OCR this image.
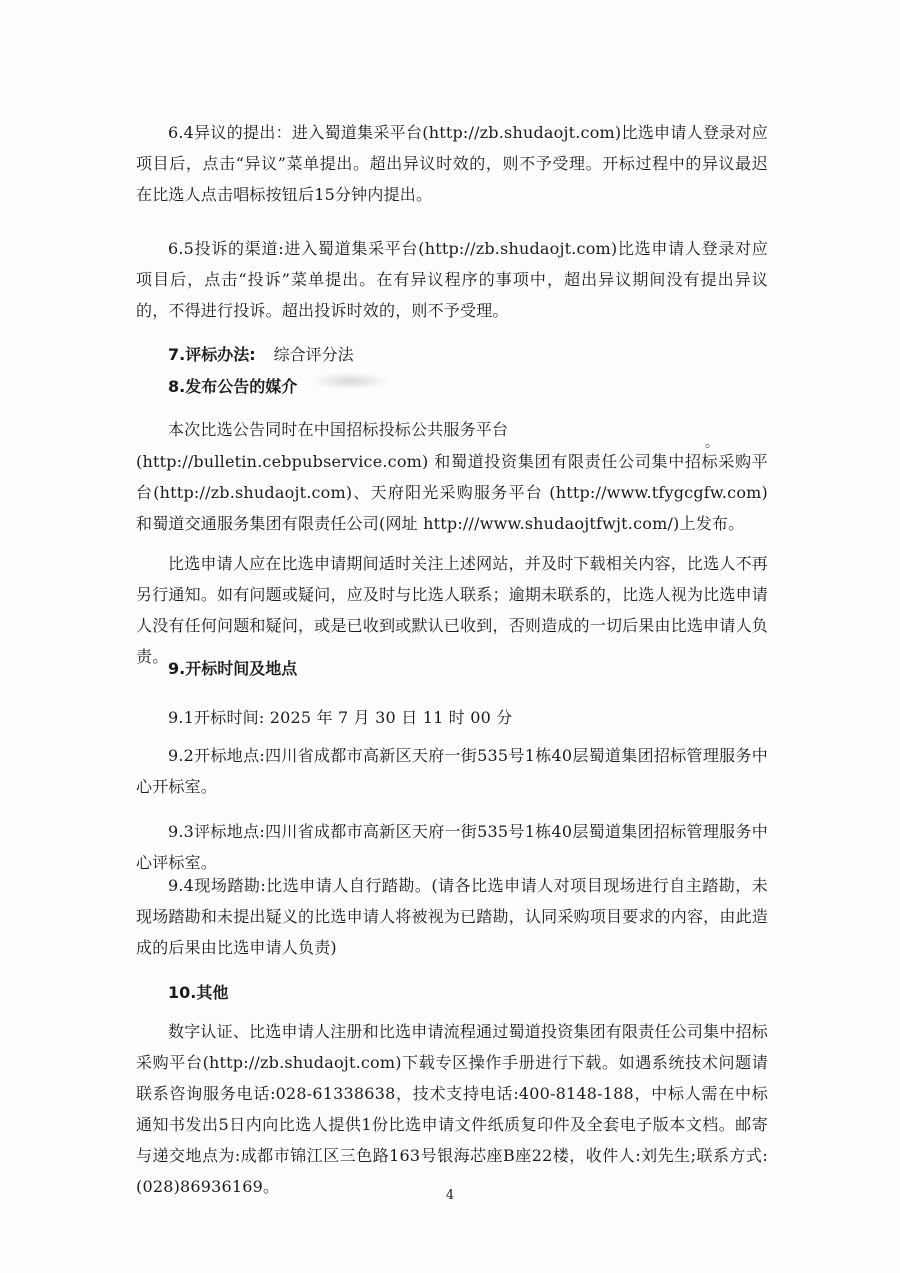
6.4异议的提出：进入蜀道集采平台(http://zb.shudaojt.com)比选申请人登录对应项目后，点击“异议”菜单提出。超出异议时效的，则不予受理。开标过程中的异议最迟在比选人点击唱标按钮后15分钟内提出。

6.5投诉的渠道:进入蜀道集采平台(http://zb.shudaojt.com)比选申请人登录对应项目后，点击“投诉”菜单提出。在有异议程序的事项中，超出异议期间没有提出异议的，不得进行投诉。超出投诉时效的，则不予受理。

7.评标办法: 综合评分法

8.发布公告的媒介

本次比选公告同时在中国招标投标公共服务平台

。

(http://bulletin.cebpubservice.com) 和蜀道投资集团有限责任公司集中招标采购平台(http://zb.shudaojt.com)、天府阳光采购服务平台 (http://www.tfygcgfw.com) 和蜀道交通服务集团有限责任公司(网址 http:///www.shudaojtfwjt.com/)上发布。

比选申请人应在比选申请期间适时关注上述网站，并及时下载相关内容，比选人不再另行通知。如有问题或疑问，应及时与比选人联系；逾期未联系的，比选人视为比选申请人没有任何问题和疑问，或是已收到或默认已收到，否则造成的一切后果由比选申请人负责。

9.开标时间及地点

9.1开标时间: 2025 年 7 月 30 日 11 时 00 分

9.2开标地点:四川省成都市高新区天府一街535号1栋40层蜀道集团招标管理服务中心开标室。

9.3评标地点:四川省成都市高新区天府一街535号1栋40层蜀道集团招标管理服务中心评标室。

9.4现场踏勘:比选申请人自行踏勘。(请各比选申请人对项目现场进行自主踏勘，未现场踏勘和未提出疑义的比选申请人将被视为已踏勘，认同采购项目要求的内容，由此造成的后果由比选申请人负责)

10.其他

数字认证、比选申请人注册和比选申请流程通过蜀道投资集团有限责任公司集中招标采购平台(http://zb.shudaojt.com)下载专区操作手册进行下载。如遇系统技术问题请联系咨询服务电话:028-61338638，技术支持电话:400-8148-188，中标人需在中标通知书发出5日内向比选人提供1份比选申请文件纸质复印件及全套电子版本文档。邮寄与递交地点为:成都市锦江区三色路163号银海芯座B座22楼，收件人:刘先生;联系方式:(028)86936169。	4
